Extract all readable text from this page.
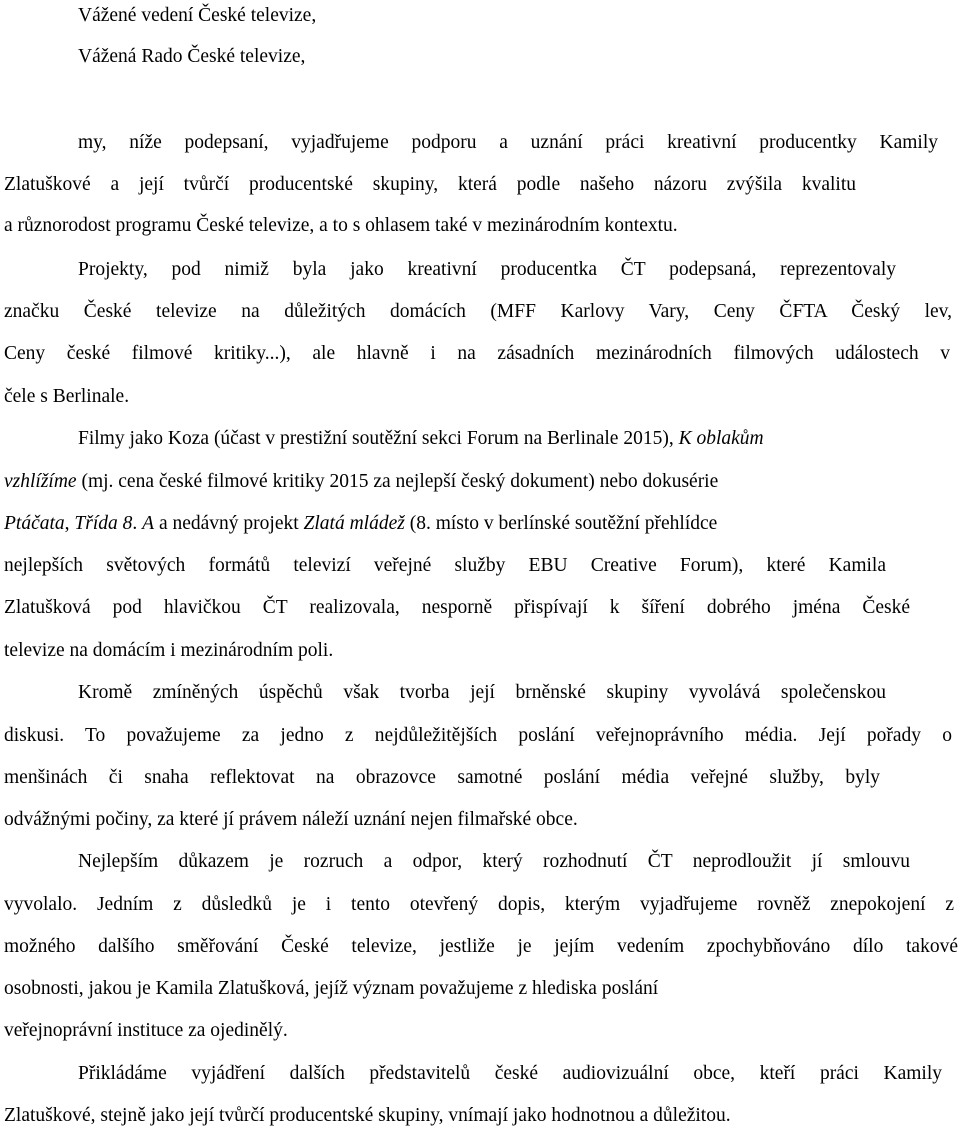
Vážené vedení České televize,

Vážená Rado České televize,

my, níže podepsaní, vyjadřujeme podporu a uznání práci kreativní producentky Kamily

Zlatuškové a její tvůrčí producentské skupiny, která podle našeho názoru zvýšila kvalitu

a různorodost programu České televize, a to s ohlasem také v mezinárodním kontextu.

Projekty, pod nimiž byla jako kreativní producentka ČT podepsaná, reprezentovaly

značku České televize na důležitých domácích (MFF Karlovy Vary, Ceny ČFTA Český lev,

Ceny české filmové kritiky...), ale hlavně i na zásadních mezinárodních filmových událostech v

čele s Berlinale.

Filmy jako Koza (účast v prestižní soutěžní sekci Forum na Berlinale 2015), K oblakům

vzhlížíme (mj. cena české filmové kritiky 2015 za nejlepší český dokument) nebo dokusérie

Ptáčata, Třída 8. A a nedávný projekt Zlatá mládež (8. místo v berlínské soutěžní přehlídce

nejlepších světových formátů televizí veřejné služby EBU Creative Forum), které Kamila

Zlatušková pod hlavičkou ČT realizovala, nesporně přispívají k šíření dobrého jména České

televize na domácím i mezinárodním poli.

Kromě zmíněných úspěchů však tvorba její brněnské skupiny vyvolává společenskou

diskusi. To považujeme za jedno z nejdůležitějších poslání veřejnoprávního média. Její pořady o

menšinách či snaha reflektovat na obrazovce samotné poslání média veřejné služby, byly

odvážnými počiny, za které jí právem náleží uznání nejen filmařské obce.

Nejlepším důkazem je rozruch a odpor, který rozhodnutí ČT neprodloužit jí smlouvu

vyvolalo. Jedním z důsledků je i tento otevřený dopis, kterým vyjadřujeme rovněž znepokojení z

možného dalšího směřování České televize, jestliže je jejím vedením zpochybňováno dílo takové

osobnosti, jakou je Kamila Zlatušková, jejíž význam považujeme z hlediska poslání

veřejnoprávní instituce za ojedinělý.

Přikládáme vyjádření dalších představitelů české audiovizuální obce, kteří práci Kamily

Zlatuškové, stejně jako její tvůrčí producentské skupiny, vnímají jako hodnotnou a důležitou.
